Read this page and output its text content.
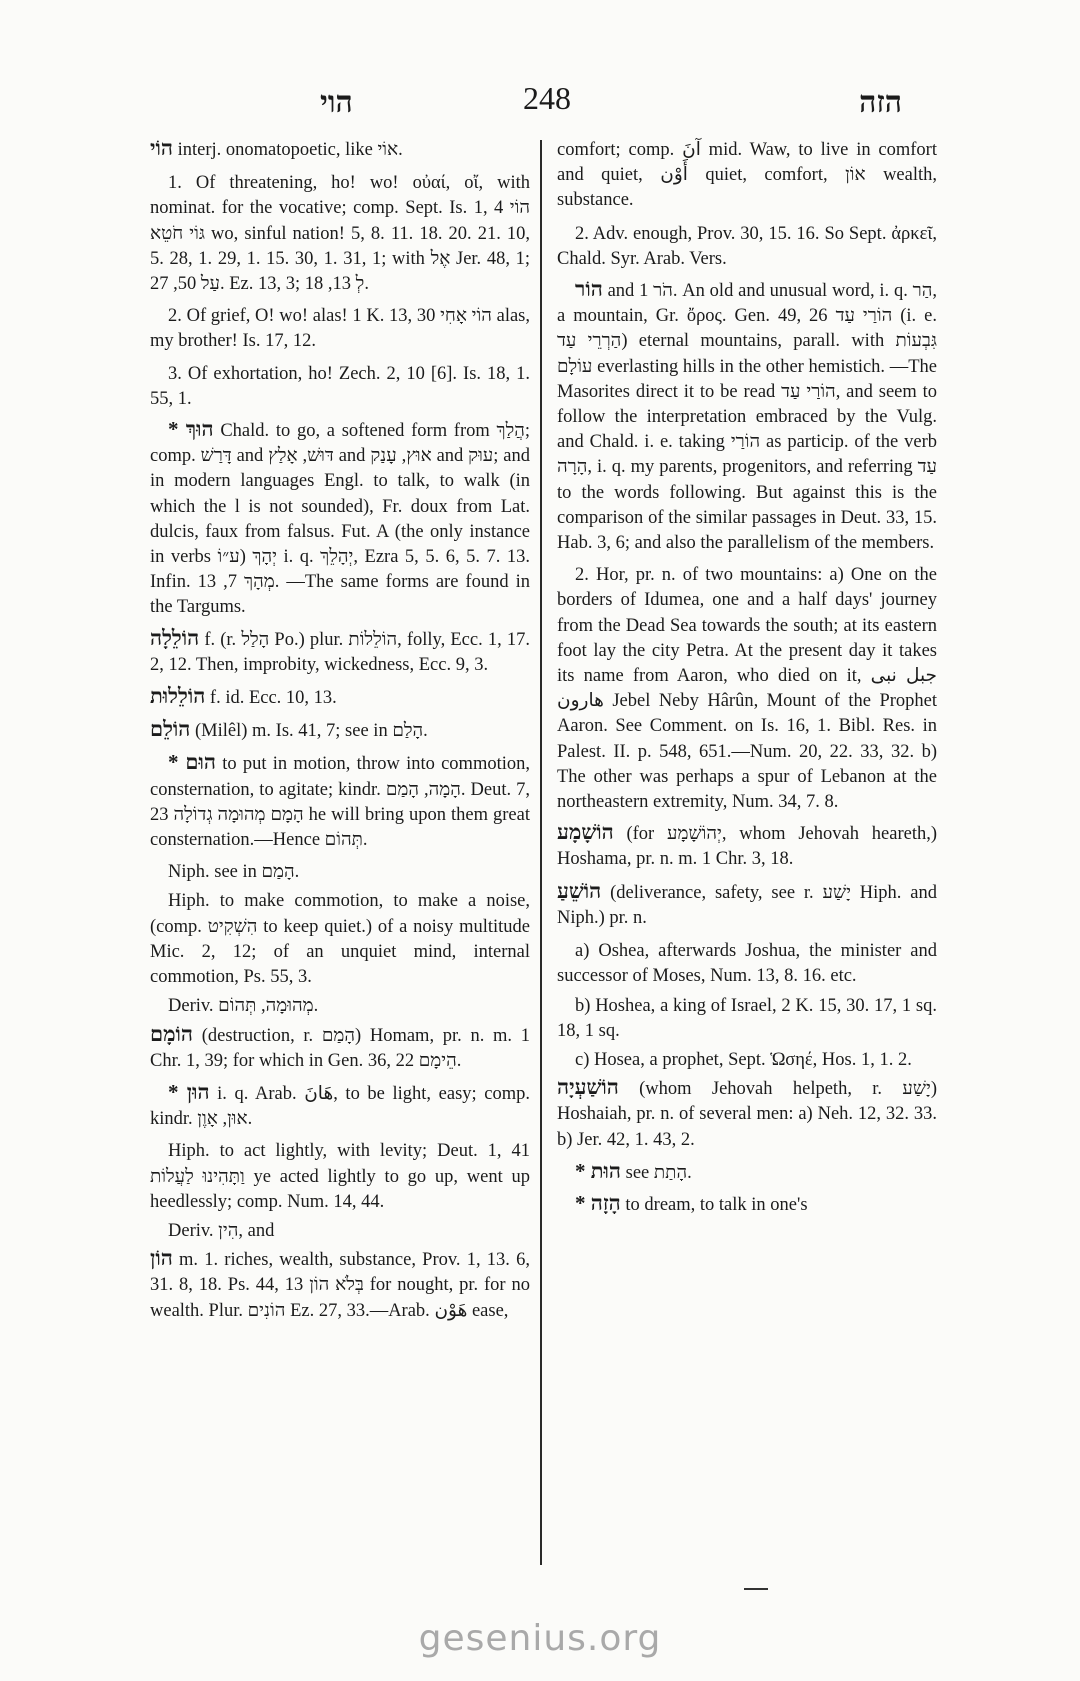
הוי	248	הזה

הוֹי interj. onomatopoetic, like אוֹי.

1. Of threatening, ho! wo! οὐαί, οἴ, with nominat. for the vocative; comp. Sept. Is. 1, 4 הוֹי גּוֹי חֹטֵא wo, sinful nation! 5, 8. 11. 18. 20. 21. 10, 5. 28, 1. 29, 1. 15. 30, 1. 31, 1; with אֶל Jer. 48, 1; עַל 50, 27. Ez. 13, 3; לְ 13, 18.

2. Of grief, O! wo! alas! 1 K. 13, 30 הוֹי אָחִי alas, my brother! Is. 17, 12.

3. Of exhortation, ho! Zech. 2, 10 [6]. Is. 18, 1. 55, 1.

* הוּךְ Chald. to go, a softened form from הֲלַךְ; comp. דָּרַשׁ and דּוּשׁ, אָלַץ and אוּץ, עָנַק and עוּק; and in modern languages Engl. to talk, to walk (in which the l is not sounded), Fr. doux from Lat. dulcis, faux from falsus. Fut. A (the only instance in verbs ע״וֹ) יְהָךְ i. q. יְהָלֵךְ, Ezra 5, 5. 6, 5. 7. 13. Infin. מְהָךְ 7, 13. —The same forms are found in the Targums.

הוֹלֵלָה f. (r. הָלַל Po.) plur. הוֹלֵלוֹת, folly, Ecc. 1, 17. 2, 12. Then, improbity, wickedness, Ecc. 9, 3.

הוֹלֵלוּת f. id. Ecc. 10, 13.

הוֹלֵם (Milêl) m. Is. 41, 7; see in הָלַם.

* הוּם to put in motion, throw into commotion, consternation, to agitate; kindr. הָמָה, הָמַם. Deut. 7, 23 הָמָם מְהוּמָה גְדוֹלָה he will bring upon them great consternation.—Hence תְּהוֹם.

Niph. see in הָמַם.

Hiph. to make commotion, to make a noise, (comp. הִשְׁקִיט to keep quiet.) of a noisy multitude Mic. 2, 12; of an unquiet mind, internal commotion, Ps. 55, 3.

Deriv. מְהוּמָה, תְּהוֹם.

הוֹמָם (destruction, r. הָמַם) Homam, pr. n. m. 1 Chr. 1, 39; for which in Gen. 36, 22 הֵימָם.

* הוּן i. q. Arab. هَانَ, to be light, easy; comp. kindr. אוּן, אָוֶן.

Hiph. to act lightly, with levity; Deut. 1, 41 וַתָּהִינוּ לַעֲלוֹת ye acted lightly to go up, went up heedlessly; comp. Num. 14, 44.

Deriv. הִין, and

הוֹן m. 1. riches, wealth, substance, Prov. 1, 13. 6, 31. 8, 18. Ps. 44, 13 בְּלֹא הוֹן for nought, pr. for no wealth. Plur. הוֹנִים Ez. 27, 33.—Arab. هَوْن ease,

comfort; comp. آنَ mid. Waw, to live in comfort and quiet, أَوْن quiet, comfort, אוֹן wealth, substance.

2. Adv. enough, Prov. 30, 15. 16. So Sept. ἀρκεῖ, Chald. Syr. Arab. Vers.

הוֹר and הֹר 1. An old and unusual word, i. q. הַר, a mountain, Gr. ὄρος. Gen. 49, 26 הוֹרַי עַד (i. e. הַרְרֵי עַד) eternal mountains, parall. with גִּבְעוֹת עוֹלָם everlasting hills in the other hemistich. —The Masorites direct it to be read הוֹרַי עַד, and seem to follow the interpretation embraced by the Vulg. and Chald. i. e. taking הוֹרַי as particip. of the verb הָרָה, i. q. my parents, progenitors, and referring עַד to the words following. But against this is the comparison of the similar passages in Deut. 33, 15. Hab. 3, 6; and also the parallelism of the members.

2. Hor, pr. n. of two mountains: a) One on the borders of Idumea, one and a half days' journey from the Dead Sea towards the south; at its eastern foot lay the city Petra. At the present day it takes its name from Aaron, who died on it, جبل نبى هارون Jebel Neby Hârûn, Mount of the Prophet Aaron. See Comment. on Is. 16, 1. Bibl. Res. in Palest. II. p. 548, 651.—Num. 20, 22. 33, 32. b) The other was perhaps a spur of Lebanon at the northeastern extremity, Num. 34, 7. 8.

הוֹשָׁמָע (for יְהוֹשָׁמָע, whom Jehovah heareth,) Hoshama, pr. n. m. 1 Chr. 3, 18.

הוֹשֵׁעַ (deliverance, safety, see r. יָשַׁע Hiph. and Niph.) pr. n.

a) Oshea, afterwards Joshua, the minister and successor of Moses, Num. 13, 8. 16. etc.

b) Hoshea, a king of Israel, 2 K. 15, 30. 17, 1 sq. 18, 1 sq.

c) Hosea, a prophet, Sept. Ὡσηέ, Hos. 1, 1. 2.

הוֹשַׁעְיָה (whom Jehovah helpeth, r. יָשַׁע) Hoshaiah, pr. n. of several men: a) Neh. 12, 32. 33. b) Jer. 42, 1. 43, 2.

* הוּת see הָתַת.

* הָזָה to dream, to talk in one's

gesenius.org
